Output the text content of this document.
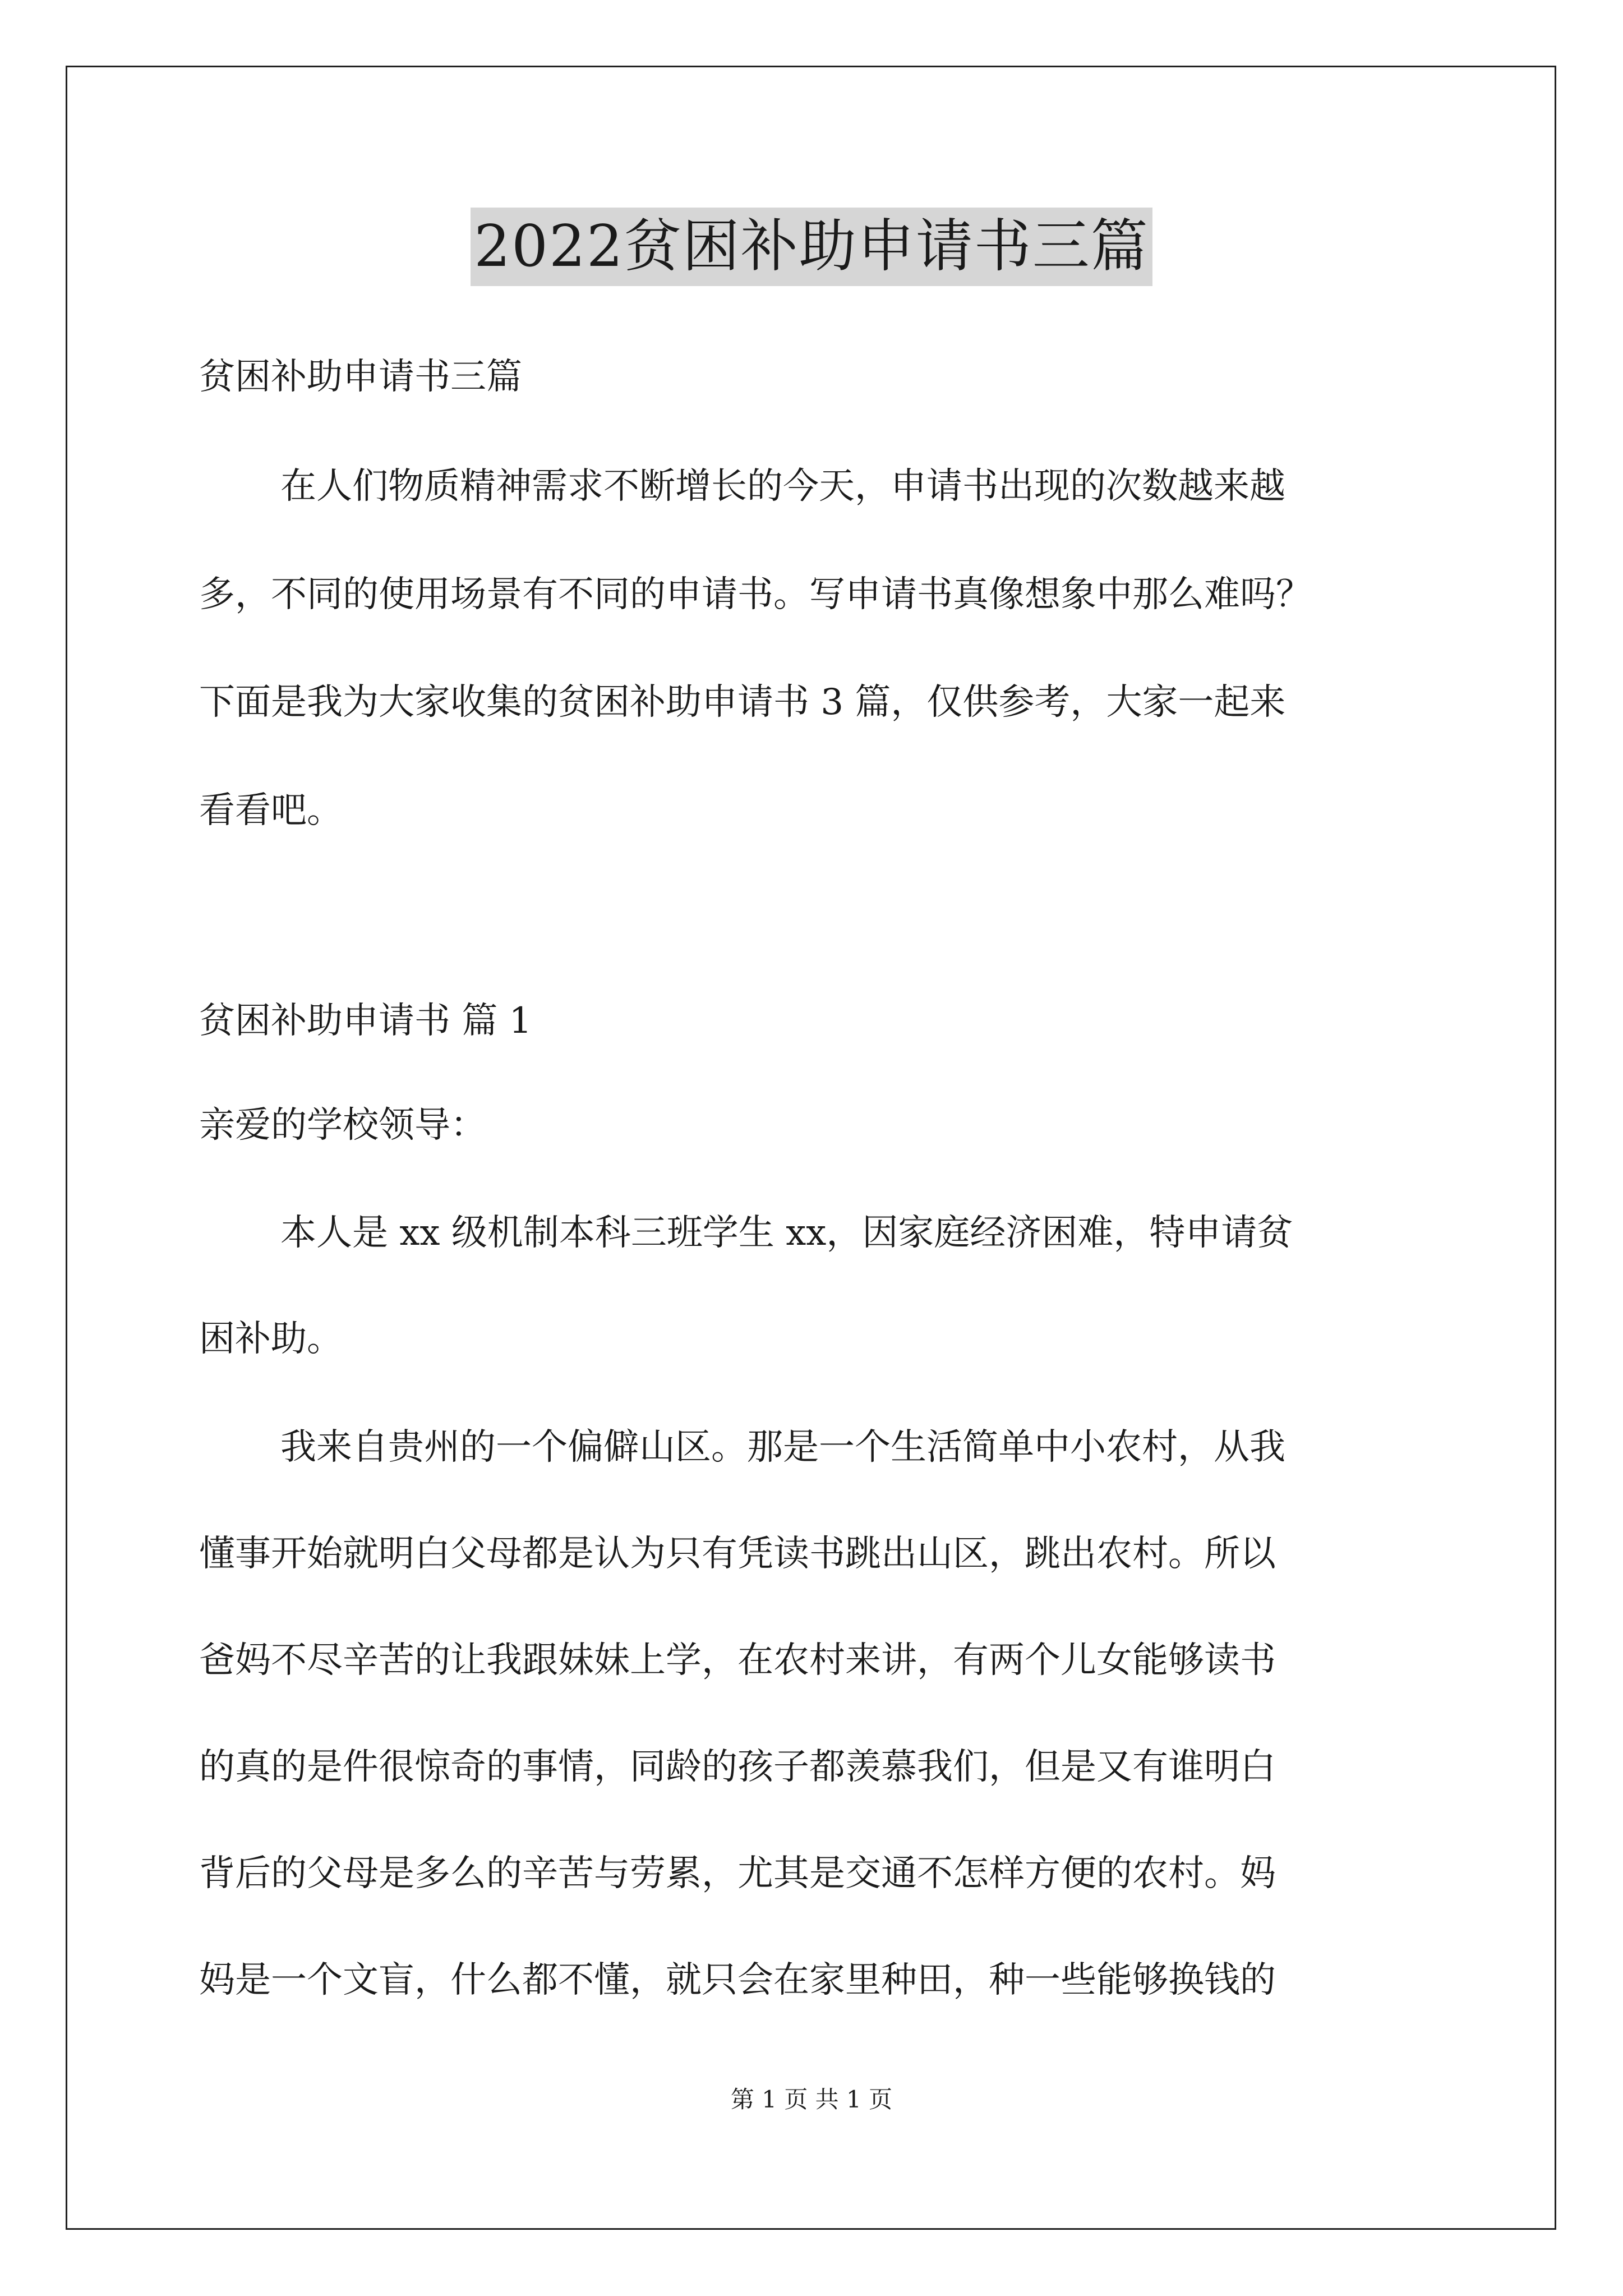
2022贫困补助申请书三篇
贫困补助申请书三篇
在人们物质精神需求不断增长的今天，申请书出现的次数越来越
多，不同的使用场景有不同的申请书。写申请书真像想象中那么难吗？
下面是我为大家收集的贫困补助申请书 3 篇，仅供参考，大家一起来
看看吧。
贫困补助申请书 篇 1
亲爱的学校领导：
本人是 xx 级机制本科三班学生 xx，因家庭经济困难，特申请贫
困补助。
我来自贵州的一个偏僻山区。那是一个生活简单中小农村，从我
懂事开始就明白父母都是认为只有凭读书跳出山区，跳出农村。所以
爸妈不尽辛苦的让我跟妹妹上学，在农村来讲，有两个儿女能够读书
的真的是件很惊奇的事情，同龄的孩子都羡慕我们，但是又有谁明白
背后的父母是多么的辛苦与劳累，尤其是交通不怎样方便的农村。妈
妈是一个文盲，什么都不懂，就只会在家里种田，种一些能够换钱的
第 1 页 共 1 页
